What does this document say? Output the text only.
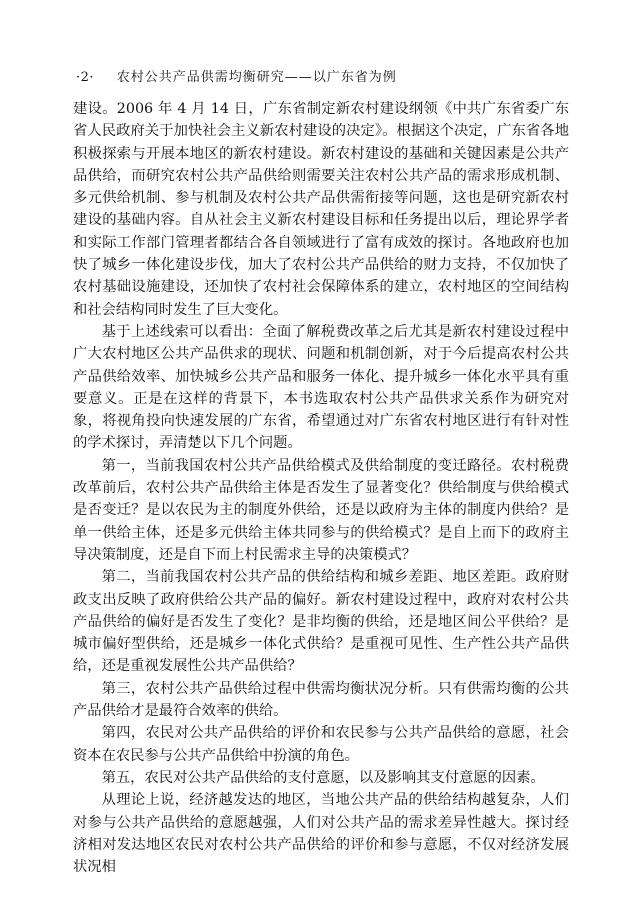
·2· 农村公共产品供需均衡研究——以广东省为例

建设。2006 年 4 月 14 日，广东省制定新农村建设纲领《中共广东省委广东省人民政府关于加快社会主义新农村建设的决定》。根据这个决定，广东省各地积极探索与开展本地区的新农村建设。新农村建设的基础和关键因素是公共产品供给，而研究农村公共产品供给则需要关注农村公共产品的需求形成机制、多元供给机制、参与机制及农村公共产品供需衔接等问题，这也是研究新农村建设的基础内容。自从社会主义新农村建设目标和任务提出以后，理论界学者和实际工作部门管理者都结合各自领域进行了富有成效的探讨。各地政府也加快了城乡一体化建设步伐，加大了农村公共产品供给的财力支持，不仅加快了农村基础设施建设，还加快了农村社会保障体系的建立，农村地区的空间结构和社会结构同时发生了巨大变化。

基于上述线索可以看出：全面了解税费改革之后尤其是新农村建设过程中广大农村地区公共产品供求的现状、问题和机制创新，对于今后提高农村公共产品供给效率、加快城乡公共产品和服务一体化、提升城乡一体化水平具有重要意义。正是在这样的背景下，本书选取农村公共产品供求关系作为研究对象，将视角投向快速发展的广东省，希望通过对广东省农村地区进行有针对性的学术探讨，弄清楚以下几个问题。

第一，当前我国农村公共产品供给模式及供给制度的变迁路径。农村税费改革前后，农村公共产品供给主体是否发生了显著变化？供给制度与供给模式是否变迁？是以农民为主的制度外供给，还是以政府为主体的制度内供给？是单一供给主体，还是多元供给主体共同参与的供给模式？是自上而下的政府主导决策制度，还是自下而上村民需求主导的决策模式？

第二，当前我国农村公共产品的供给结构和城乡差距、地区差距。政府财政支出反映了政府供给公共产品的偏好。新农村建设过程中，政府对农村公共产品供给的偏好是否发生了变化？是非均衡的供给，还是地区间公平供给？是城市偏好型供给，还是城乡一体化式供给？是重视可见性、生产性公共产品供给，还是重视发展性公共产品供给？

第三，农村公共产品供给过程中供需均衡状况分析。只有供需均衡的公共产品供给才是最符合效率的供给。

第四，农民对公共产品供给的评价和农民参与公共产品供给的意愿，社会资本在农民参与公共产品供给中扮演的角色。

第五，农民对公共产品供给的支付意愿，以及影响其支付意愿的因素。

从理论上说，经济越发达的地区，当地公共产品的供给结构越复杂，人们对参与公共产品供给的意愿越强，人们对公共产品的需求差异性越大。探讨经济相对发达地区农民对农村公共产品供给的评价和参与意愿，不仅对经济发展状况相
